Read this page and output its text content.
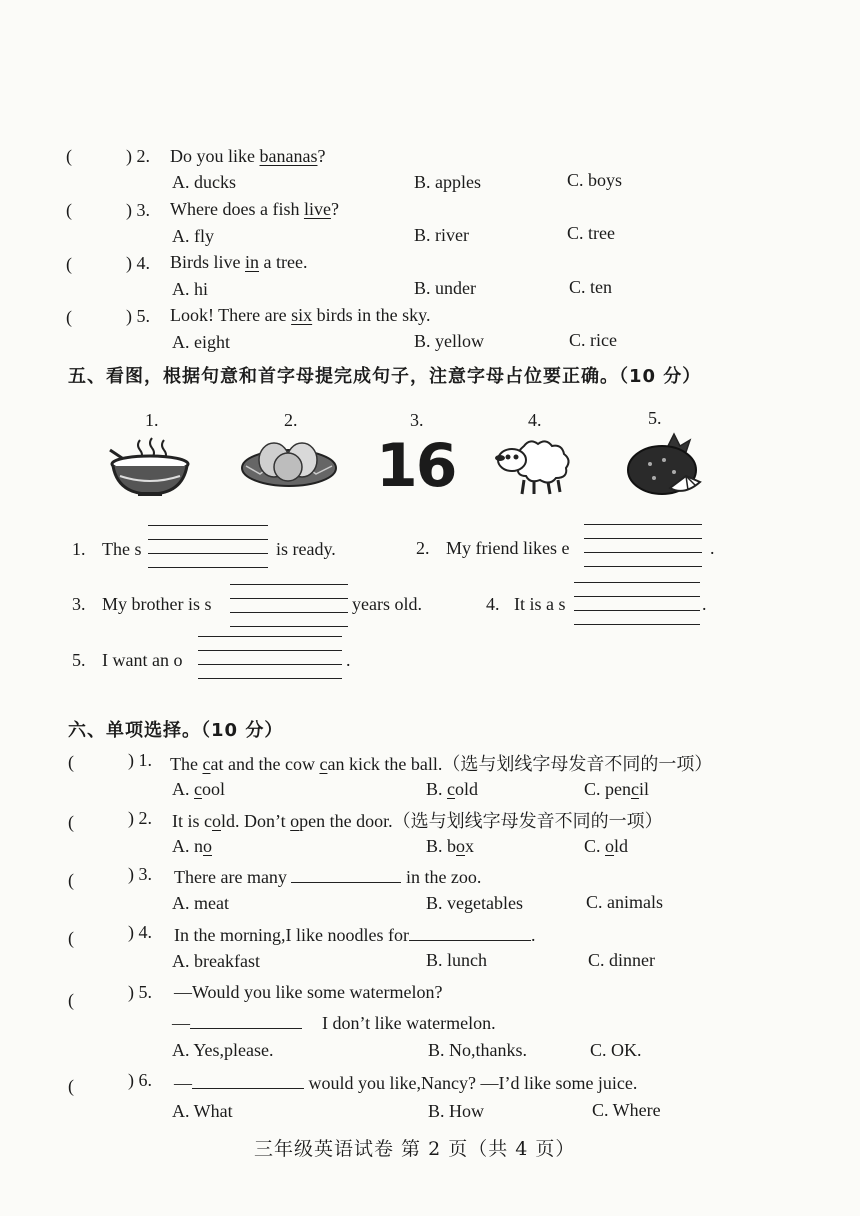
(	) 2. Do you like bananas?
A. ducks	B. apples	C. boys
(	) 3. Where does a fish live?
A. fly	B. river	C. tree
(	) 4. Birds live in a tree.
A. hi	B. under	C. ten
(	) 5. Look! There are six birds in the sky.
A. eight	B. yellow	C. rice
五、看图，根据句意和首字母提完成句子，注意字母占位要正确。（10 分）
1.	2.	3.	4.	5.
16
1. The s	is ready.	2. My friend likes e	.
3. My brother is s	years old.	4. It is a s	.
5. I want an o	.
六、单项选择。（10 分）
(	) 1. The cat and the cow can kick the ball.（选与划线字母发音不同的一项）
A. cool	B. cold	C. pencil
(	) 2. It is cold. Don’t open the door.（选与划线字母发音不同的一项）
A. no	B. box	C. old
(	) 3. There are many	in the zoo.
A. meat	B. vegetables	C. animals
(	) 4. In the morning,I like noodles for	.
A. breakfast	B. lunch	C. dinner
(	) 5. —Would you like some watermelon?
—	I don’t like watermelon.
A. Yes,please.	B. No,thanks.	C. OK.
(	) 6. —	would you like,Nancy? —I’d like some juice.
A. What	B. How	C. Where
三年级英语试卷 第 2 页（共 4 页）
